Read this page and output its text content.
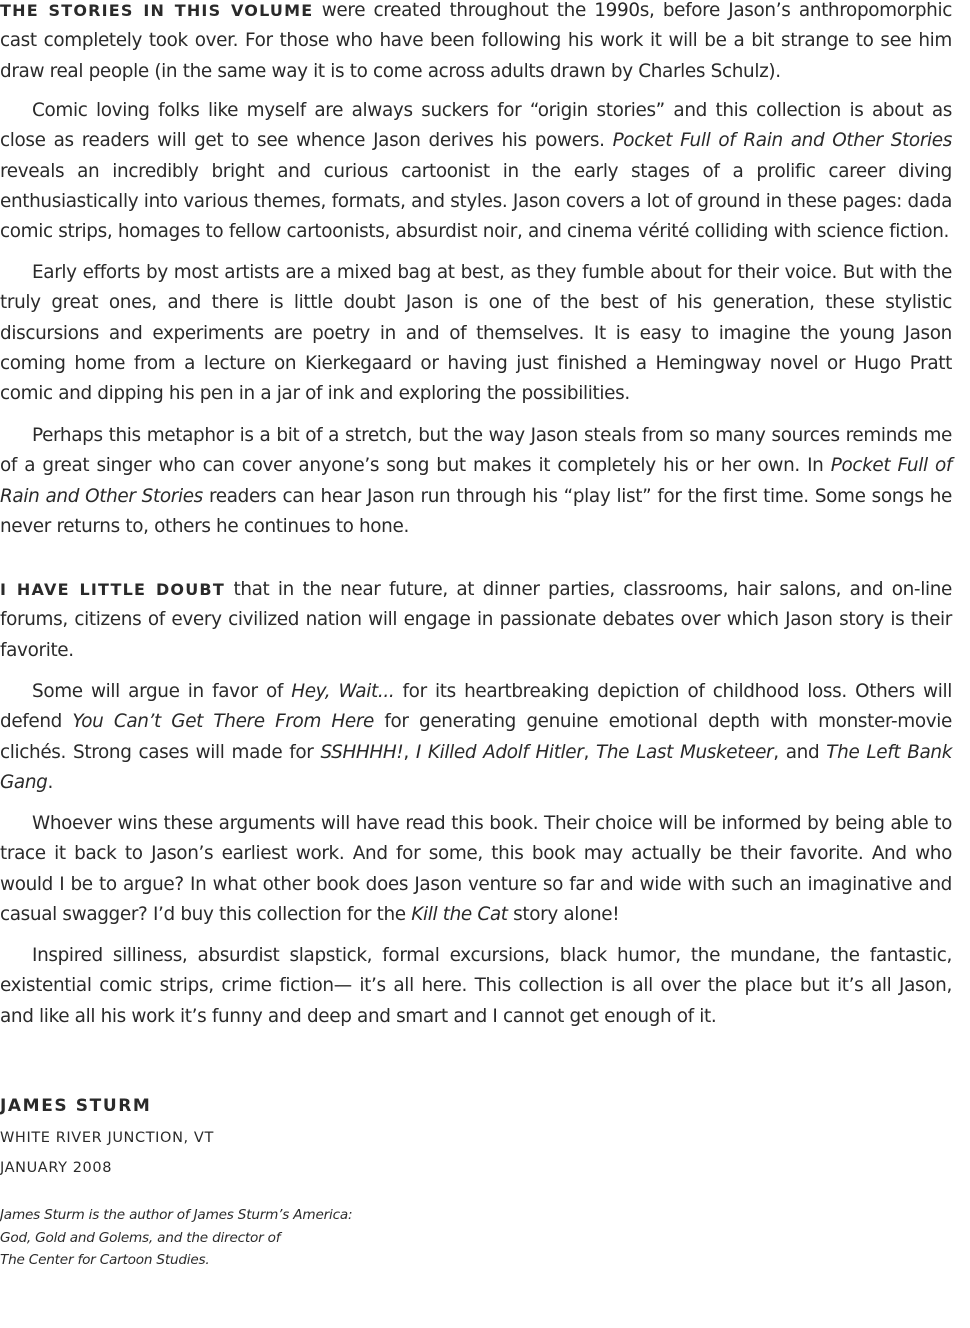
THE STORIES IN THIS VOLUME were created throughout the 1990s, before Jason’s anthropomorphic cast completely took over. For those who have been following his work it will be a bit strange to see him draw real people (in the same way it is to come across adults drawn by Charles Schulz).

Comic loving folks like myself are always suckers for “origin stories” and this collection is about as close as readers will get to see whence Jason derives his powers. Pocket Full of Rain and Other Stories reveals an incredibly bright and curious cartoonist in the early stages of a prolific career diving enthusiastically into various themes, formats, and styles. Jason covers a lot of ground in these pages: dada comic strips, homages to fellow cartoonists, absurdist noir, and cinema vérité colliding with science fiction.

Early efforts by most artists are a mixed bag at best, as they fumble about for their voice. But with the truly great ones, and there is little doubt Jason is one of the best of his generation, these stylistic discursions and experiments are poetry in and of themselves. It is easy to imagine the young Jason coming home from a lecture on Kierkegaard or having just finished a Hemingway novel or Hugo Pratt comic and dipping his pen in a jar of ink and exploring the possibilities.

Perhaps this metaphor is a bit of a stretch, but the way Jason steals from so many sources reminds me of a great singer who can cover anyone’s song but makes it completely his or her own. In Pocket Full of Rain and Other Stories readers can hear Jason run through his “play list” for the first time. Some songs he never returns to, others he continues to hone.

I HAVE LITTLE DOUBT that in the near future, at dinner parties, classrooms, hair salons, and on-line forums, citizens of every civilized nation will engage in passionate debates over which Jason story is their favorite.

Some will argue in favor of Hey, Wait... for its heartbreaking depiction of childhood loss. Others will defend You Can’t Get There From Here for generating genuine emotional depth with monster-movie clichés. Strong cases will made for SSHHHH!, I Killed Adolf Hitler, The Last Musketeer, and The Left Bank Gang.

Whoever wins these arguments will have read this book. Their choice will be informed by being able to trace it back to Jason’s earliest work. And for some, this book may actually be their favorite. And who would I be to argue? In what other book does Jason venture so far and wide with such an imaginative and casual swagger? I’d buy this collection for the Kill the Cat story alone!

Inspired silliness, absurdist slapstick, formal excursions, black humor, the mundane, the fantastic, existential comic strips, crime fiction— it’s all here. This collection is all over the place but it’s all Jason, and like all his work it’s funny and deep and smart and I cannot get enough of it.

JAMES STURM

WHITE RIVER JUNCTION, VT

JANUARY 2008

James Sturm is the author of James Sturm’s America:
God, Gold and Golems, and the director of
The Center for Cartoon Studies.
